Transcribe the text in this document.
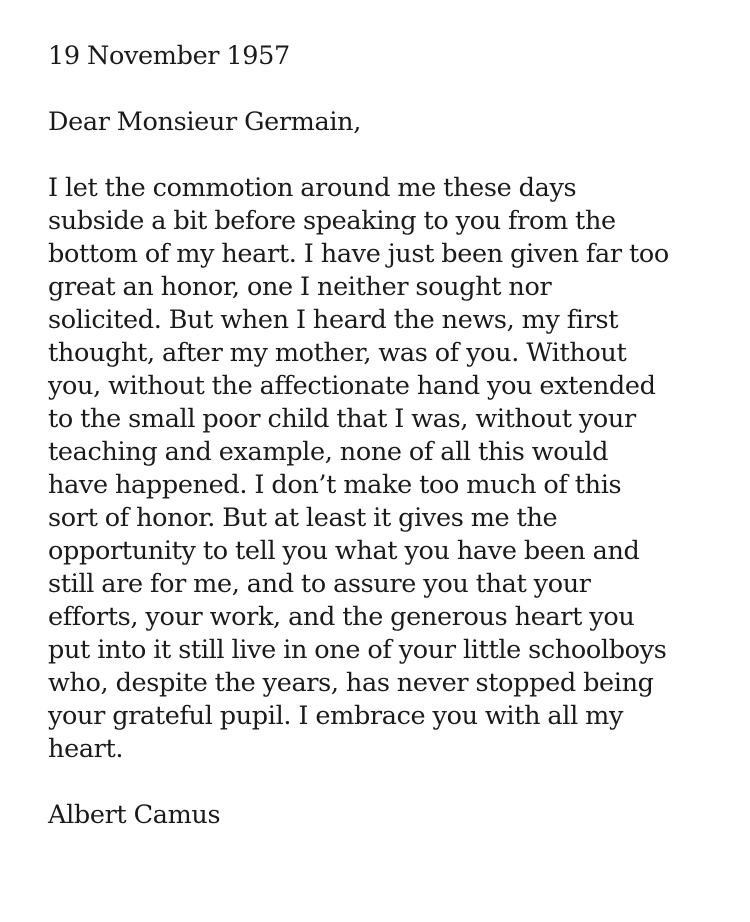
19 November 1957
Dear Monsieur Germain,
I let the commotion around me these days
subside a bit before speaking to you from the
bottom of my heart. I have just been given far too
great an honor, one I neither sought nor
solicited. But when I heard the news, my first
thought, after my mother, was of you. Without
you, without the affectionate hand you extended
to the small poor child that I was, without your
teaching and example, none of all this would
have happened. I don’t make too much of this
sort of honor. But at least it gives me the
opportunity to tell you what you have been and
still are for me, and to assure you that your
efforts, your work, and the generous heart you
put into it still live in one of your little schoolboys
who, despite the years, has never stopped being
your grateful pupil. I embrace you with all my
heart.
Albert Camus
